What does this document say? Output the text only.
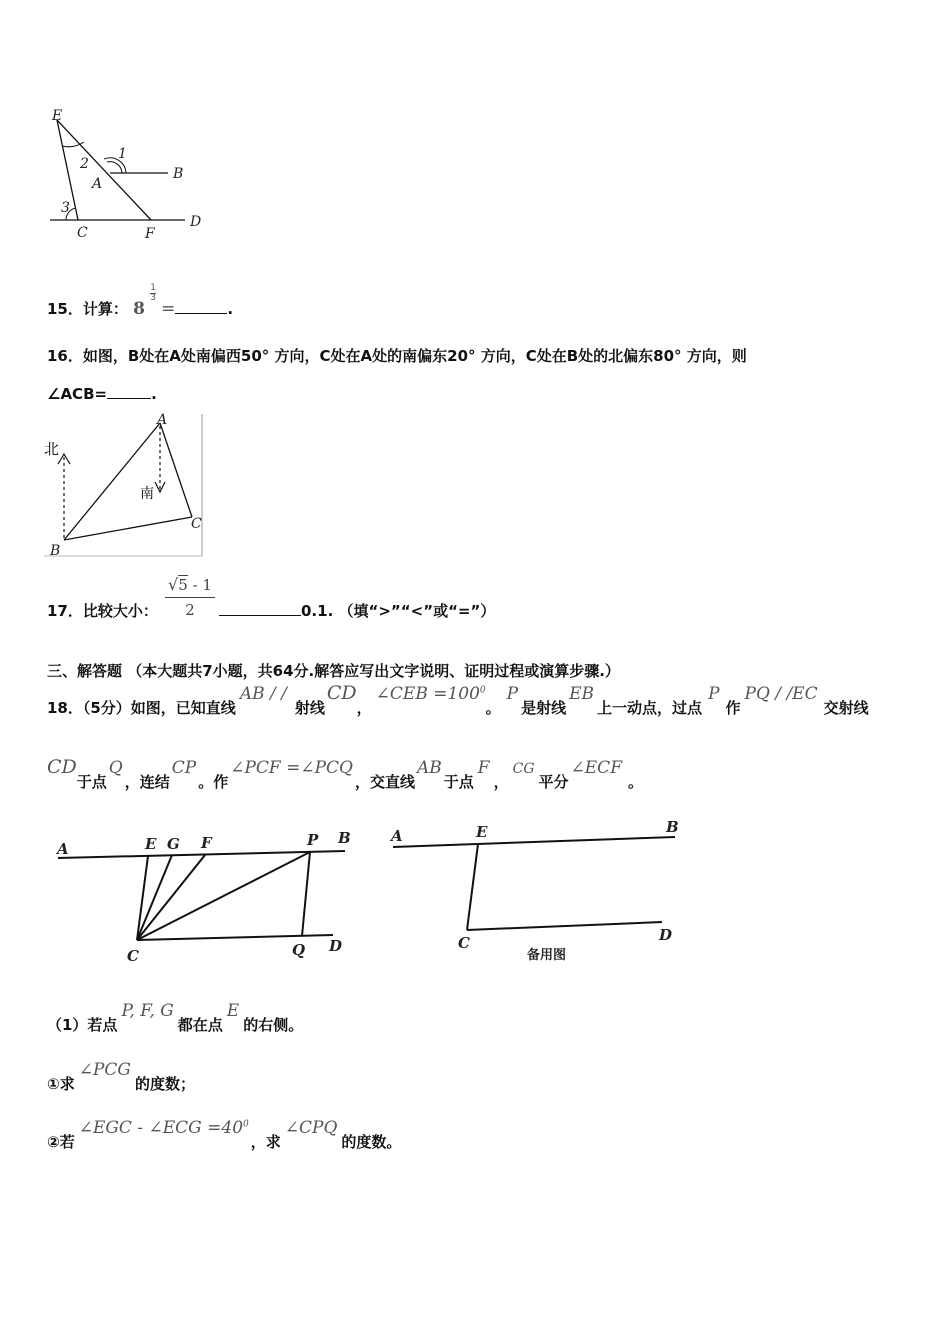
E
B
A
C	F
D
1
2
3
15．计算： 8
$\frac{1}{3}$
=	.
16．如图，B处在A处南偏西50° 方向，C处在A处的南偏东20° 方向，C处在B处的北偏东80° 方向，则
∠ACB=	.
北
南
A
B
C
17．比较大小：
√5 - 1
2	0.1. （填“>”“<”或“=”）
三、解答题 （本大题共7小题，共64分.解答应写出文字说明、证明过程或演算步骤.）
18．（5分）如图，已知直线AB / /射线CD，∠CEB $=100^0$。P是射线EB上一动点，过点P作PQ / /EC交射线
CD于点Q，连结CP。作∠PCF =∠PCQ，交直线AB于点F，CG平分∠ECF。
A	E G F	P B
C	Q D
A	E	B
C	D
备用图
（1）若点P, F, G都在点E的右侧。
①求∠PCG的度数；
②若∠EGC - ∠ECG $=40^0$，求∠CPQ的度数。
